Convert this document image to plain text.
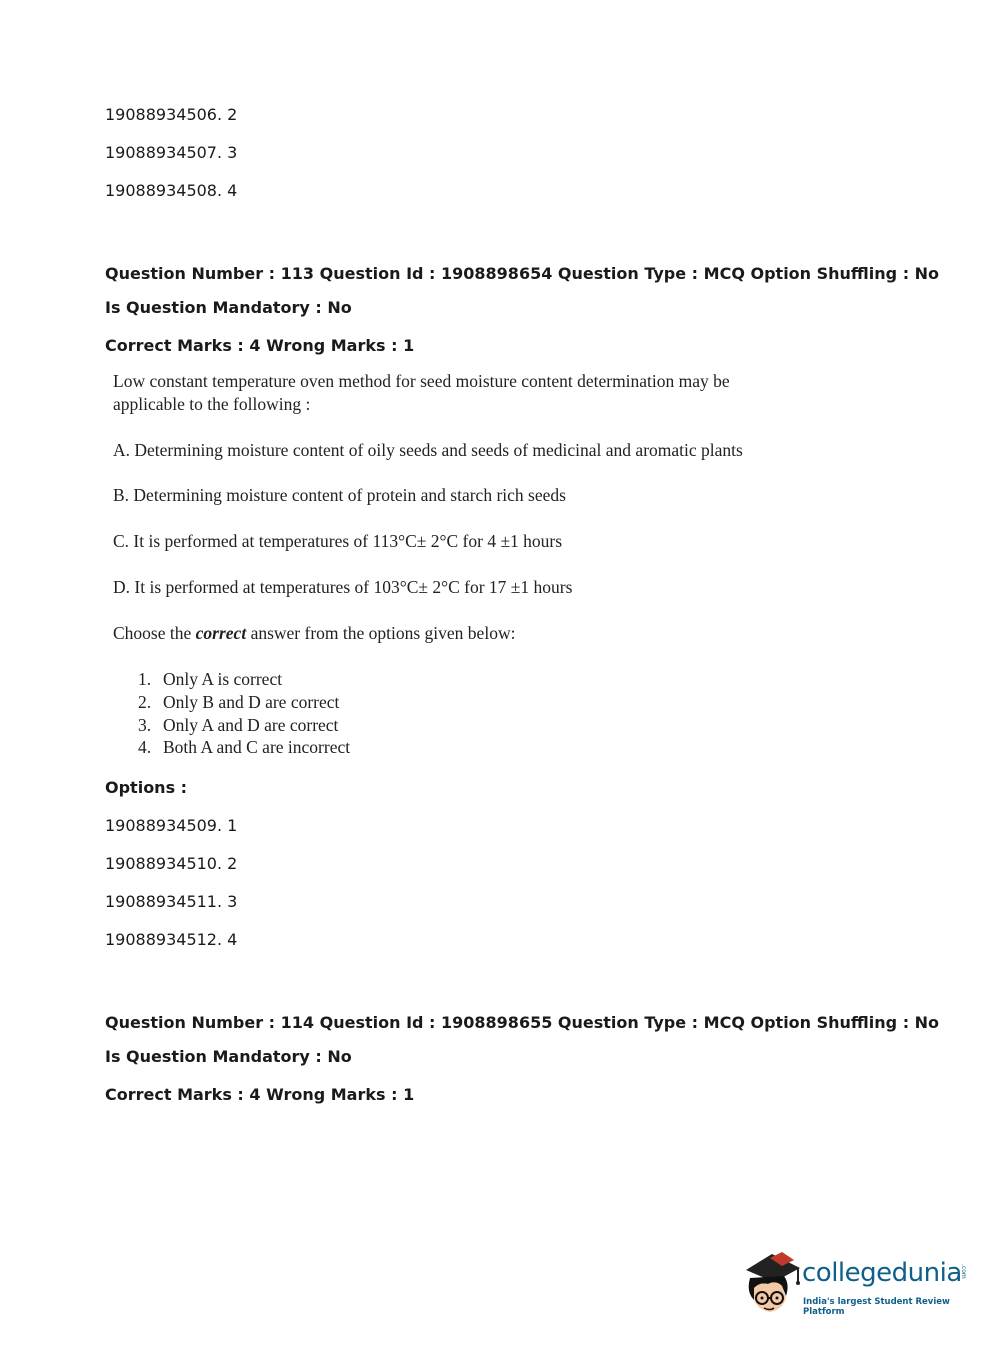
19088934506. 2
19088934507. 3
19088934508. 4
Question Number : 113 Question Id : 1908898654 Question Type : MCQ Option Shuffling : No
Is Question Mandatory : No
Correct Marks : 4 Wrong Marks : 1
Low constant temperature oven method for seed moisture content determination may be
applicable to the following :
A. Determining moisture content of oily seeds and seeds of medicinal and aromatic plants
B. Determining moisture content of protein and starch rich seeds
C. It is performed at temperatures of 113°C± 2°C for 4 ±1 hours
D. It is performed at temperatures of 103°C± 2°C for 17 ±1 hours
Choose the correct answer from the options given below:
1. Only A is correct
2. Only B and D are correct
3. Only A and D are correct
4. Both A and C are incorrect
Options :
19088934509. 1
19088934510. 2
19088934511. 3
19088934512. 4
Question Number : 114 Question Id : 1908898655 Question Type : MCQ Option Shuffling : No
Is Question Mandatory : No
Correct Marks : 4 Wrong Marks : 1
collegedunia
.com
India's largest Student Review Platform
